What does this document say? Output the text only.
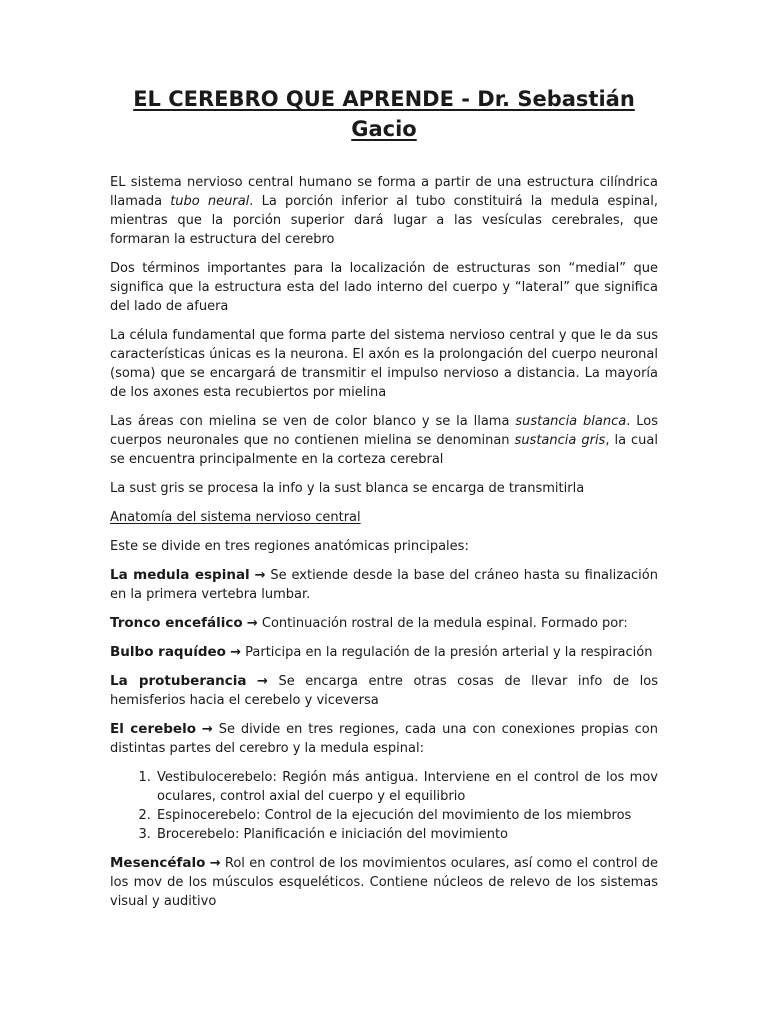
EL CEREBRO QUE APRENDE - Dr. Sebastián Gacio

EL sistema nervioso central humano se forma a partir de una estructura cilíndrica llamada tubo neural. La porción inferior al tubo constituirá la medula espinal, mientras que la porción superior dará lugar a las vesículas cerebrales, que formaran la estructura del cerebro

Dos términos importantes para la localización de estructuras son “medial” que significa que la estructura esta del lado interno del cuerpo y “lateral” que significa del lado de afuera

La célula fundamental que forma parte del sistema nervioso central y que le da sus características únicas es la neurona. El axón es la prolongación del cuerpo neuronal (soma) que se encargará de transmitir el impulso nervioso a distancia. La mayoría de los axones esta recubiertos por mielina

Las áreas con mielina se ven de color blanco y se la llama sustancia blanca. Los cuerpos neuronales que no contienen mielina se denominan sustancia gris, la cual se encuentra principalmente en la corteza cerebral

La sust gris se procesa la info y la sust blanca se encarga de transmitirla

Anatomía del sistema nervioso central

Este se divide en tres regiones anatómicas principales:

La medula espinal → Se extiende desde la base del cráneo hasta su finalización en la primera vertebra lumbar.

Tronco encefálico → Continuación rostral de la medula espinal. Formado por:

Bulbo raquídeo → Participa en la regulación de la presión arterial y la respiración

La protuberancia → Se encarga entre otras cosas de llevar info de los hemisferios hacia el cerebelo y viceversa

El cerebelo → Se divide en tres regiones, cada una con conexiones propias con distintas partes del cerebro y la medula espinal:

1. Vestibulocerebelo: Región más antigua. Interviene en el control de los mov oculares, control axial del cuerpo y el equilibrio
2. Espinocerebelo: Control de la ejecución del movimiento de los miembros
3. Brocerebelo: Planificación e iniciación del movimiento

Mesencéfalo → Rol en control de los movimientos oculares, así como el control de los mov de los músculos esqueléticos. Contiene núcleos de relevo de los sistemas visual y auditivo
